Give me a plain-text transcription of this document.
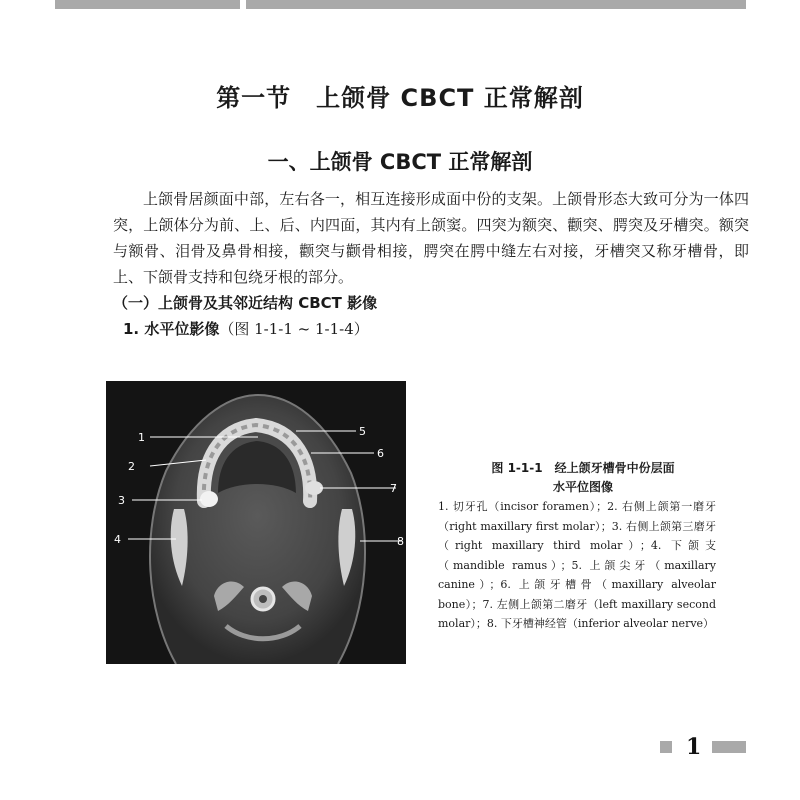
第一节　上颌骨 CBCT 正常解剖
一、上颌骨 CBCT 正常解剖

上颌骨居颜面中部，左右各一，相互连接形成面中份的支架。上颌骨形态大致可分为一体四突，上颌体分为前、上、后、内四面，其内有上颌窦。四突为额突、颧突、腭突及牙槽突。额突与额骨、泪骨及鼻骨相接，颧突与颧骨相接，腭突在腭中缝左右对接，牙槽突又称牙槽骨，即上、下颌骨支持和包绕牙根的部分。

（一）上颌骨及其邻近结构 CBCT 影像
1. 水平位影像（图 1-1-1 ~ 1-1-4）
1
2
3
4
5
6
7
8
图 1-1-1　经上颌牙槽骨中份层面
水平位图像

1. 切牙孔（incisor foramen）；2. 右侧上颌第一磨牙（right maxillary first molar）；3. 右侧上颌第三磨牙（right maxillary third molar）；4. 下颌支（mandible ramus）；5. 上颌尖牙（maxillary canine）；6. 上颌牙槽骨（maxillary alveolar bone）；7. 左侧上颌第二磨牙（left maxillary second molar）；8. 下牙槽神经管（inferior alveolar nerve）

1
